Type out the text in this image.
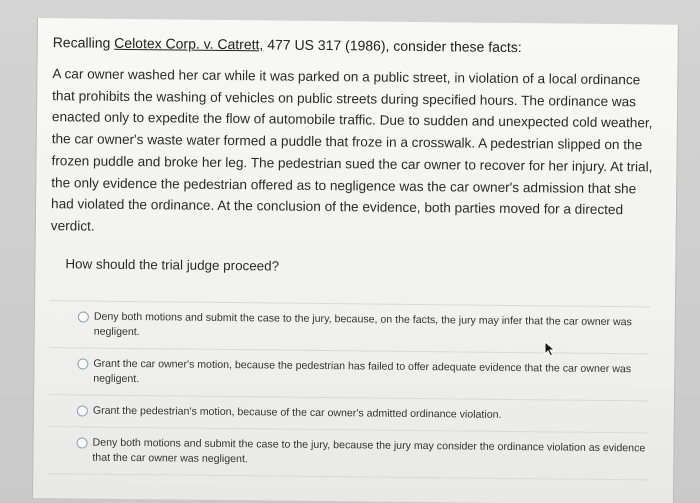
Recalling Celotex Corp. v. Catrett, 477 US 317 (1986), consider these facts:
A car owner washed her car while it was parked on a public street, in violation of a local ordinance that prohibits the washing of vehicles on public streets during specified hours. The ordinance was enacted only to expedite the flow of automobile traffic. Due to sudden and unexpected cold weather, the car owner's waste water formed a puddle that froze in a crosswalk. A pedestrian slipped on the frozen puddle and broke her leg. The pedestrian sued the car owner to recover for her injury. At trial, the only evidence the pedestrian offered as to negligence was the car owner's admission that she had violated the ordinance. At the conclusion of the evidence, both parties moved for a directed verdict.
How should the trial judge proceed?
Deny both motions and submit the case to the jury, because, on the facts, the jury may infer that the car owner was negligent.
Grant the car owner's motion, because the pedestrian has failed to offer adequate evidence that the car owner was negligent.
Grant the pedestrian's motion, because of the car owner's admitted ordinance violation.
Deny both motions and submit the case to the jury, because the jury may consider the ordinance violation as evidence that the car owner was negligent.
